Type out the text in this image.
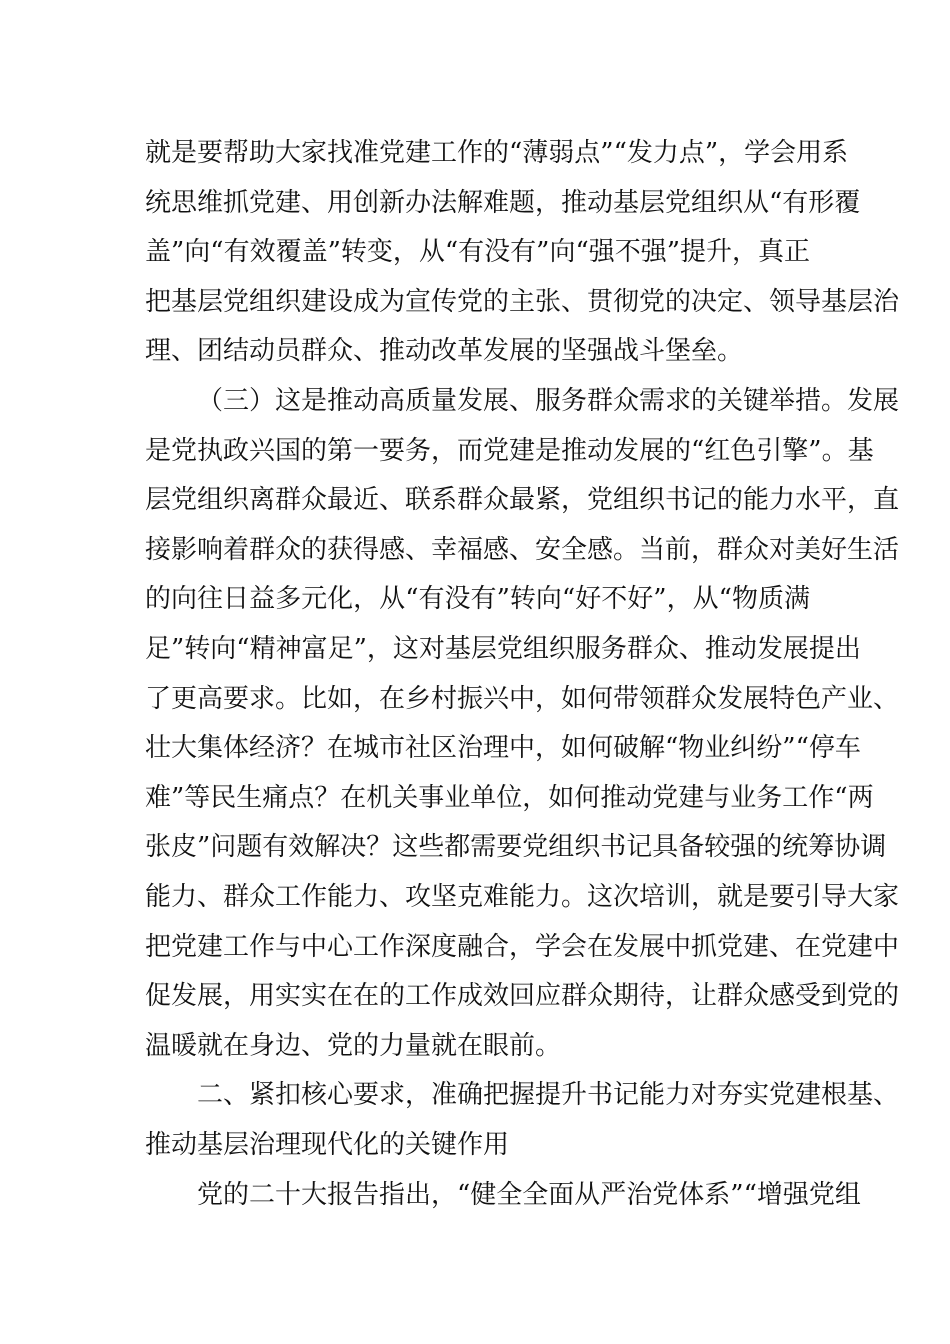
就是要帮助大家找准党建工作的“薄弱点”“发力点”，学会用系
统思维抓党建、用创新办法解难题，推动基层党组织从“有形覆
盖”向“有效覆盖”转变，从“有没有”向“强不强”提升，真正
把基层党组织建设成为宣传党的主张、贯彻党的决定、领导基层治
理、团结动员群众、推动改革发展的坚强战斗堡垒。
（三）这是推动高质量发展、服务群众需求的关键举措。发展
是党执政兴国的第一要务，而党建是推动发展的“红色引擎”。基
层党组织离群众最近、联系群众最紧，党组织书记的能力水平，直
接影响着群众的获得感、幸福感、安全感。当前，群众对美好生活
的向往日益多元化，从“有没有”转向“好不好”，从“物质满
足”转向“精神富足”，这对基层党组织服务群众、推动发展提出
了更高要求。比如，在乡村振兴中，如何带领群众发展特色产业、
壮大集体经济？在城市社区治理中，如何破解“物业纠纷”“停车
难”等民生痛点？在机关事业单位，如何推动党建与业务工作“两
张皮”问题有效解决？这些都需要党组织书记具备较强的统筹协调
能力、群众工作能力、攻坚克难能力。这次培训，就是要引导大家
把党建工作与中心工作深度融合，学会在发展中抓党建、在党建中
促发展，用实实在在的工作成效回应群众期待，让群众感受到党的
温暖就在身边、党的力量就在眼前。
二、紧扣核心要求，准确把握提升书记能力对夯实党建根基、
推动基层治理现代化的关键作用
党的二十大报告指出，“健全全面从严治党体系”“增强党组
